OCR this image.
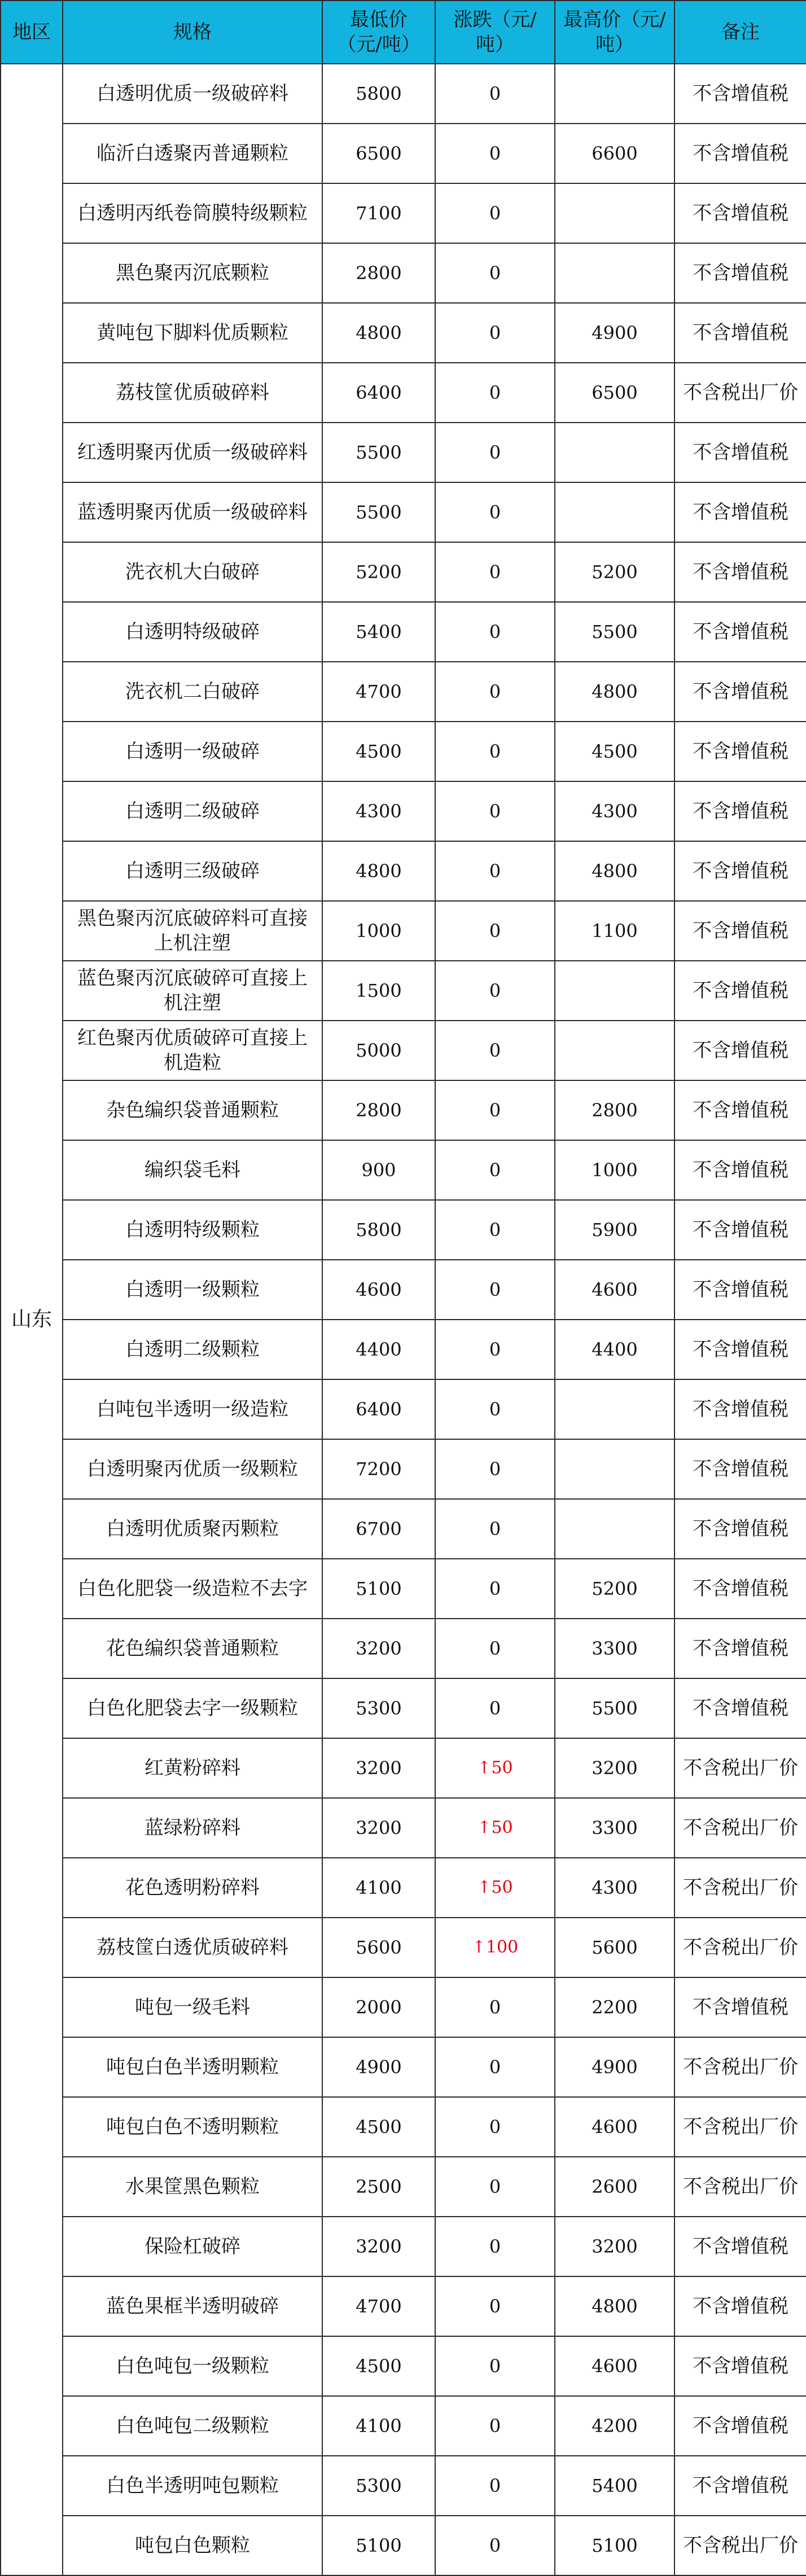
地区	规格	最低价（元/吨）	涨跌（元/吨）	最高价（元/吨）	备注
山东	白透明优质一级破碎料	5800	0		不含增值税
	临沂白透聚丙普通颗粒	6500	0	6600	不含增值税
	白透明丙纸卷筒膜特级颗粒	7100	0		不含增值税
	黑色聚丙沉底颗粒	2800	0		不含增值税
	黄吨包下脚料优质颗粒	4800	0	4900	不含增值税
	荔枝筐优质破碎料	6400	0	6500	不含税出厂价
	红透明聚丙优质一级破碎料	5500	0		不含增值税
	蓝透明聚丙优质一级破碎料	5500	0		不含增值税
	洗衣机大白破碎	5200	0	5200	不含增值税
	白透明特级破碎	5400	0	5500	不含增值税
	洗衣机二白破碎	4700	0	4800	不含增值税
	白透明一级破碎	4500	0	4500	不含增值税
	白透明二级破碎	4300	0	4300	不含增值税
	白透明三级破碎	4800	0	4800	不含增值税
	黑色聚丙沉底破碎料可直接上机注塑	1000	0	1100	不含增值税
	蓝色聚丙沉底破碎可直接上机注塑	1500	0		不含增值税
	红色聚丙优质破碎可直接上机造粒	5000	0		不含增值税
	杂色编织袋普通颗粒	2800	0	2800	不含增值税
	编织袋毛料	900	0	1000	不含增值税
	白透明特级颗粒	5800	0	5900	不含增值税
	白透明一级颗粒	4600	0	4600	不含增值税
	白透明二级颗粒	4400	0	4400	不含增值税
	白吨包半透明一级造粒	6400	0		不含增值税
	白透明聚丙优质一级颗粒	7200	0		不含增值税
	白透明优质聚丙颗粒	6700	0		不含增值税
	白色化肥袋一级造粒不去字	5100	0	5200	不含增值税
	花色编织袋普通颗粒	3200	0	3300	不含增值税
	白色化肥袋去字一级颗粒	5300	0	5500	不含增值税
	红黄粉碎料	3200	↑50	3200	不含税出厂价
	蓝绿粉碎料	3200	↑50	3300	不含税出厂价
	花色透明粉碎料	4100	↑50	4300	不含税出厂价
	荔枝筐白透优质破碎料	5600	↑100	5600	不含税出厂价
	吨包一级毛料	2000	0	2200	不含增值税
	吨包白色半透明颗粒	4900	0	4900	不含税出厂价
	吨包白色不透明颗粒	4500	0	4600	不含税出厂价
	水果筐黑色颗粒	2500	0	2600	不含税出厂价
	保险杠破碎	3200	0	3200	不含增值税
	蓝色果框半透明破碎	4700	0	4800	不含增值税
	白色吨包一级颗粒	4500	0	4600	不含增值税
	白色吨包二级颗粒	4100	0	4200	不含增值税
	白色半透明吨包颗粒	5300	0	5400	不含增值税
	吨包白色颗粒	5100	0	5100	不含税出厂价
